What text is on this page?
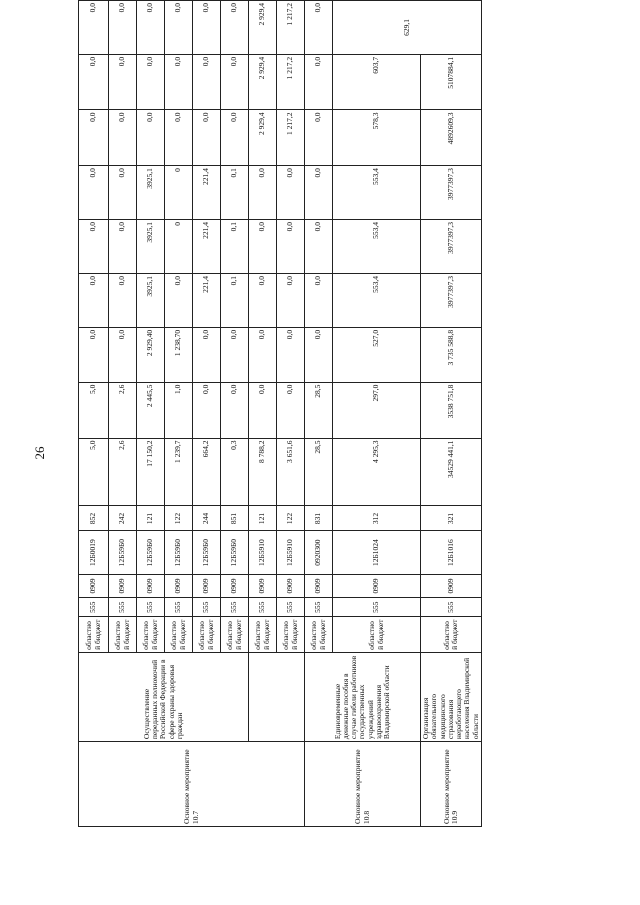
26
Основное мероприятие 10.7	Осуществление переданных полномочий Российской Федерации в сфере охраны здоровья граждан	областно й бюджет	555	0909	12Б0019	852	5,0	5,0	0,0	0,0	0,0	0,0	0,0	0,0	0,0
		областно й бюджет	555	0909	12Б59Б0	242	2,6	2,6	0,0	0,0	0,0	0,0	0,0	0,0	0,0
		областно й бюджет	555	0909	12Б59Б0	121	17 150,2	2 445,5	2 929,40	3925,1	3925,1	3925,1	0,0	0,0	0,0
		областно й бюджет	555	0909	12Б59Б0	122	1 239,7	1,0	1 238,70	0,0	0	0	0,0	0,0	0,0
		областно й бюджет	555	0909	12Б59Б0	244	664,2	0,0	0,0	221,4	221,4	221,4	0,0	0,0	0,0
		областно й бюджет	555	0909	12Б59Б0	851	0,3	0,0	0,0	0,1	0,1	0,1	0,0	0,0	0,0
		областно й бюджет	555	0909	12Б5910	121	8 788,2	0,0	0,0	0,0	0,0	0,0	2 929,4	2 929,4	2 929,4
		областно й бюджет	555	0909	12Б5910	122	3 651,6	0,0	0,0	0,0	0,0	0,0	1 217,2	1 217,2	1 217,2
Основное мероприятие 10.8	Единовременные денежные пособия в случае гибели работников государственных учреждений здравоохранения Владимирской области	областно й бюджет	555	0909	0920300	831	28,5	28,5	0,0	0,0	0,0	0,0	0,0	0,0	0,0
		областно й бюджет	555	0909	12Б1024	312	4 295,3	297,0	527,0	553,4	553,4	553,4	578,3	603,7	629,1
Основное мероприятие 10.9	Организация обязательного медицинского страхования неработающего населения Владимирской области	областно й бюджет	555	0909	12Б1016	321	34529 441,1	3538 751,8	3 735 588,8	3977397,3	3977397,3	3977397,3	4892609,3	5107884,1	
